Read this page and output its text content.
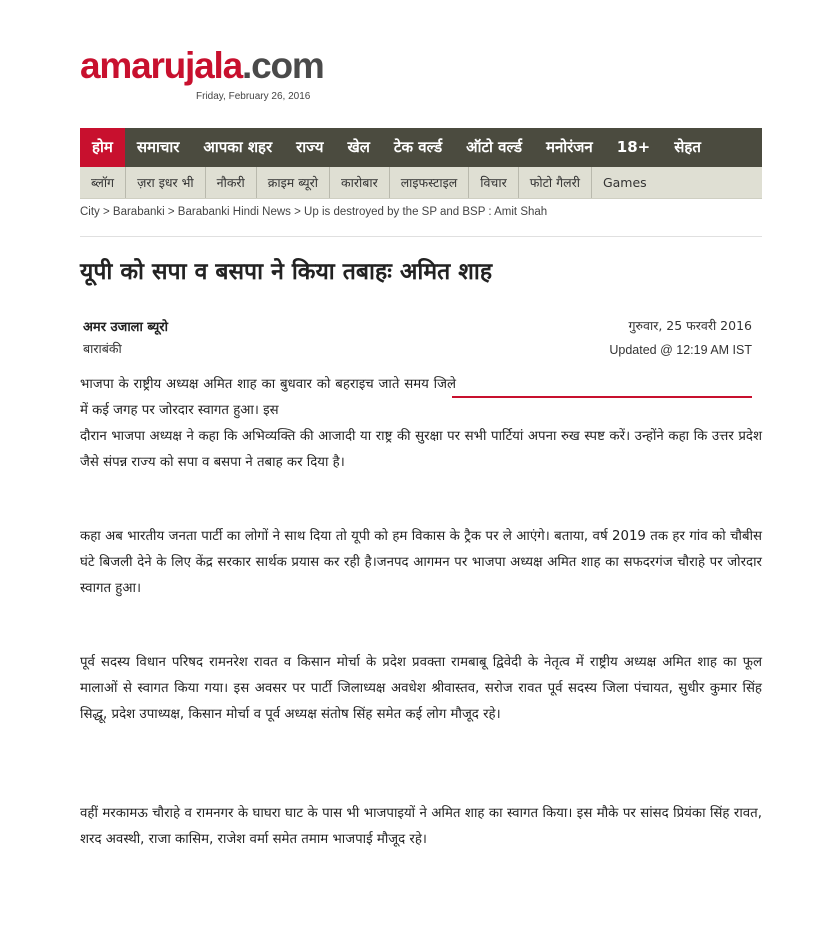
amarujala.com
Friday, February 26, 2016
होम	समाचार	आपका शहर	राज्य	खेल	टेक वर्ल्ड	ऑटो वर्ल्ड	मनोरंजन	18+	सेहत
ब्लॉग	ज़रा इधर भी	नौकरी	क्राइम ब्यूरो	कारोबार	लाइफस्टाइल	विचार	फोटो गैलरी	Games
City > Barabanki > Barabanki Hindi News > Up is destroyed by the SP and BSP : Amit Shah
यूपी को सपा व बसपा ने किया तबाहः अमित शाह
अमर उजाला ब्यूरो
बाराबंकी
गुरुवार, 25 फरवरी 2016
Updated @ 12:19 AM IST

भाजपा के राष्ट्रीय अध्यक्ष अमित शाह का बुधवार को बहराइच जाते समय जिले में कई जगह पर जोरदार स्वागत हुआ। इस

दौरान भाजपा अध्यक्ष ने कहा कि अभिव्यक्ति की आजादी या राष्ट्र की सुरक्षा पर सभी पार्टियां अपना रुख स्पष्ट करें। उन्होंने कहा कि उत्तर प्रदेश जैसे संपन्न राज्य को सपा व बसपा ने तबाह कर दिया है।

कहा अब भारतीय जनता पार्टी का लोगों ने साथ दिया तो यूपी को हम विकास के ट्रैक पर ले आएंगे। बताया, वर्ष 2019 तक हर गांव को चौबीस घंटे बिजली देने के लिए केंद्र सरकार सार्थक प्रयास कर रही है।जनपद आगमन पर भाजपा अध्यक्ष अमित शाह का सफदरगंज चौराहे पर जोरदार स्वागत हुआ।

पूर्व सदस्य विधान परिषद रामनरेश रावत व किसान मोर्चा के प्रदेश प्रवक्ता रामबाबू द्विवेदी के नेतृत्व में राष्ट्रीय अध्यक्ष अमित शाह का फूल मालाओं से स्वागत किया गया। इस अवसर पर पार्टी जिलाध्यक्ष अवधेश श्रीवास्तव, सरोज रावत पूर्व सदस्य जिला पंचायत, सुधीर कुमार सिंह सिद्धू, प्रदेश उपाध्यक्ष, किसान मोर्चा व पूर्व अध्यक्ष संतोष सिंह समेत कई लोग मौजूद रहे।

वहीं मरकामऊ चौराहे व रामनगर के घाघरा घाट के पास भी भाजपाइयों ने अमित शाह का स्वागत किया। इस मौके पर सांसद प्रियंका सिंह रावत, शरद अवस्थी, राजा कासिम, राजेश वर्मा समेत तमाम भाजपाई मौजूद रहे।
